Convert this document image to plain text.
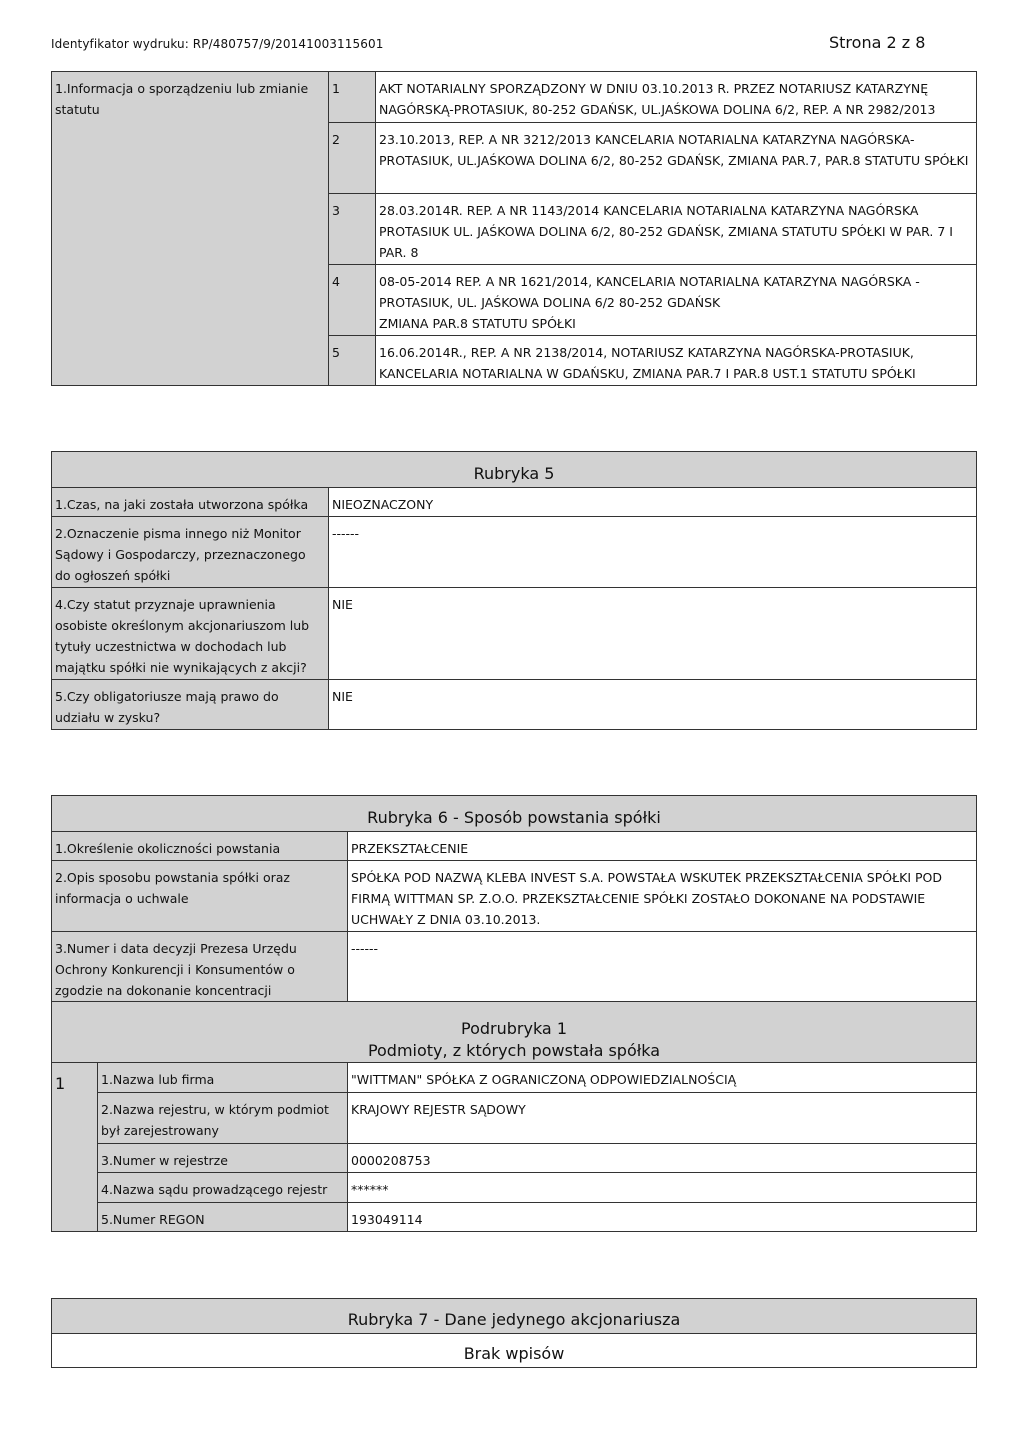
Identyfikator wydruku: RP/480757/9/20141003115601	Strona 2 z 8
1.Informacja o sporządzeniu lub zmianie statutu	1	AKT NOTARIALNY SPORZĄDZONY W DNIU 03.10.2013 R. PRZEZ NOTARIUSZ KATARZYNĘ NAGÓRSKĄ-PROTASIUK, 80-252 GDAŃSK, UL.JAŚKOWA DOLINA 6/2, REP. A NR 2982/2013
	2	23.10.2013, REP. A NR 3212/2013 KANCELARIA NOTARIALNA KATARZYNA NAGÓRSKA-PROTASIUK, UL.JAŚKOWA DOLINA 6/2, 80-252 GDAŃSK, ZMIANA PAR.7, PAR.8 STATUTU SPÓŁKI
	3	28.03.2014R. REP. A NR 1143/2014 KANCELARIA NOTARIALNA KATARZYNA NAGÓRSKA PROTASIUK UL. JAŚKOWA DOLINA 6/2, 80-252 GDAŃSK, ZMIANA STATUTU SPÓŁKI W PAR. 7 I PAR. 8
	4	08-05-2014 REP. A NR 1621/2014, KANCELARIA NOTARIALNA KATARZYNA NAGÓRSKA - PROTASIUK, UL. JAŚKOWA DOLINA 6/2 80-252 GDAŃSK
ZMIANA PAR.8 STATUTU SPÓŁKI

	5	16.06.2014R., REP. A NR 2138/2014, NOTARIUSZ KATARZYNA NAGÓRSKA-PROTASIUK, KANCELARIA NOTARIALNA W GDAŃSKU, ZMIANA PAR.7 I PAR.8 UST.1 STATUTU SPÓŁKI
Rubryka 5	
1.Czas, na jaki została utworzona spółka	NIEOZNACZONY
2.Oznaczenie pisma innego niż Monitor Sądowy i Gospodarczy, przeznaczonego do ogłoszeń spółki	------
4.Czy statut przyznaje uprawnienia osobiste określonym akcjonariuszom lub tytuły uczestnictwa w dochodach lub majątku spółki nie wynikających z akcji?	NIE
5.Czy obligatoriusze mają prawo do udziału w zysku?	NIE
Rubryka 6 - Sposób powstania spółki		
1.Określenie okoliczności powstania		PRZEKSZTAŁCENIE
2.Opis sposobu powstania spółki oraz informacja o uchwale		SPÓŁKA POD NAZWĄ KLEBA INVEST S.A. POWSTAŁA WSKUTEK PRZEKSZTAŁCENIA SPÓŁKI POD FIRMĄ WITTMAN SP. Z.O.O. PRZEKSZTAŁCENIE SPÓŁKI ZOSTAŁO DOKONANE NA PODSTAWIE UCHWAŁY Z DNIA 03.10.2013.
3.Numer i data decyzji Prezesa Urzędu Ochrony Konkurencji i Konsumentów o zgodzie na dokonanie koncentracji		------

Podrubryka 1
Podmioty, z których powstała spółka		

1	1.Nazwa lub firma	"WITTMAN" SPÓŁKA Z OGRANICZONĄ ODPOWIEDZIALNOŚCIĄ
	2.Nazwa rejestru, w którym podmiot był zarejestrowany	KRAJOWY REJESTR SĄDOWY
	3.Numer w rejestrze	0000208753
	4.Nazwa sądu prowadzącego rejestr	******
	5.Numer REGON	193049114
Rubryka 7 - Dane jedynego akcjonariusza
Brak wpisów
